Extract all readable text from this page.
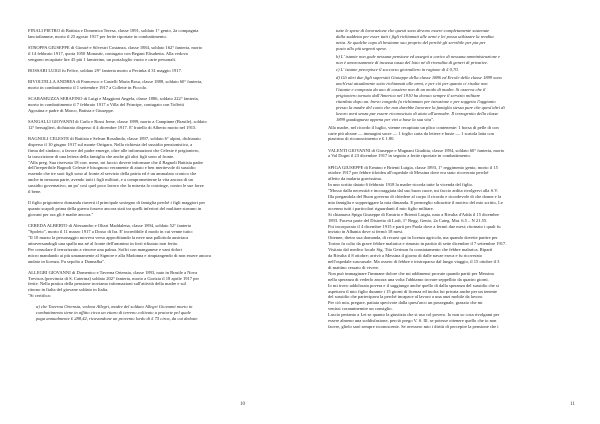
FINALI PIETRO di Battista e Domenica Teresa, classe 1891, soldato 1° genio, 2a compagnia
lanciafiamme, morto il 25 agosto 1917 per ferite riportate in combattimento.

STROPPA GIUSEPPE di Giosuè e Silvestri Costanza, classe 1884, soldato 162° fanteria, morto
il 14 febbraio 1917, quota 1050 Monastir, coniugato con Begani Elisabetta. Alla vedova
vengono recapitate lire 45 più 1 lamierino, un portafoglio vuoto e carte personali.

BOSSARI LUIGI fu Felice, soldato 29° fanteria morto a Pecinka il 31 maggio 1917.

RIVOLTELLA ANDREA di Francesco e Castelli Maria Rosa, classe 1888, soldato 60° fanteria,
morto in combattimento il 1 settembre 1917 a Collette in Piccolo.

SCARAMUZZA SERAFINO di Luigi e Maggioni Angela, classe 1886, soldato 222° fanteria,
morto in combattimento il 7 febbraio 1917 a Villa del Principe, coniugato con Toffetti
Agostina e padre di Marco, Batista e Giuseppe.

SANGALLI GIOVANNI di Carlo e Rossi Irene, classe 1899, morto a Campinne (Brasile), soldato
12° bersaglieri, dichiarato disperso il 4 dicembre 1917. E' fratello di Alberto morto nel 1915.

BAGNOLI CELESTE di Battista e Selvan Rosalinda, classe 1897, soldato 6° alpini, dichiarato
disperso il 10 giugno 1917 sul monte Ortigara. Nella richiesta del sussidio pensionistico, a
firma del sindaco, a favore del padre emerge, oltre alle informazioni che Celeste è prigioniero,
la trascrizione di una lettera della famiglia che anche gli altri figli sono al fronte.
"Alla preg. Sua riservata 18 corr. mese, mi faccio dovere informare che il Bagnoli Battista padre
dell'irreperibile Bagnoli Celeste è bisognoso veramente di aiuto e ben meritevole di sussidio
essendo che tre suoi figli sono al fronte al servizio della patria ed è un ammalato cronico che
anche in nessuna parte, avendo tutti i figli militari, e a comprometterne la vita ancora di un
sussidio governativo, un po' così quel poco lavoro che la miseria lo costringe, contro le sue forze
il bene.

Il figlio prigioniero domanda riaverti il principale sostegno di famiglia perchè i figli maggiori per
quanto scapoli prima della guerra fossero ancora stati tra quelli inferiori del mulitare stavano in
giovani per ora gli è madre ancora."

CEREDA ALBERTO di Alessandro e Oliari Maddalena, classe 1894, soldato 52° fanteria
"Spoleto", morto il 11 marzo 1917 a Dosso di Ira. E' incredibile il modo in cui venne tutto:
"Il 10 marzo la personaggio moveva verso approfittando la neve una pallottola austriaca
attraversandogli una spalla ma né al fronte dell'ammino in forti rifiutato non ferito.
Per consolare il terrorizzato a vincere una palma. Soffri con manganese e vani dolori
micro mandando ai più umanamente al Signore e alla Madonna e rimpiangendo di non essere ancora
andato in licenza. Fu sepolto a Donnalba".

ALLEGRI GIOVANNI di Domenico e Taverna Ortensia, classe 1893, nato in Brasile a Nova
Trevisos (provincia di S. Caterina) soldato 202° fanteria, morto a Gorizia il 18 aprile 1917 per
ferite. Nella pratica della pensione troviamo informazioni sull'attività della madre e sul
ritorno in Italia del giovane soldato in Italia.
"Si certifica:

a) che Taverna Ortensia, vedova Allegri, madre del soldato Allegri Giovanni morto in
combattimento tiene in affitto circa un ettaro di terreno coltivato a pratorte pel quale
paga annualmente £ 288,42, ricavandone un provento lordo di £ 75 circa, da cui dedotte

10

tutte le spese di lavorazione che questi sono devono essere completamente sostenute
dalla suddetta per esser tutti i figli richiamati alle armi e lei possa utilizzare la rendita
netta. Se qualche capo di bestiame suo proprio del perchè gli servibile per pia per
posto allo più urgenti spese.

b) L' istante non gode nessuna pensione ed assegni a carico di nessuna amministrazione e
non è amorosamente di incassa tassa del lotto né di rivendita di generi di privative.

c) L' istante percepisce il soccorso giornaliero in ragione di £ 0,70.

d) Gli altri due figli superstiti Giuseppe della classe 1886 ed Ercole della classe 1899 sono
anch'essi attualmente sotto richiamati alle armi, e per ciò per quanto ci risulta non
l'istante e composta da uno di cassiera non di un modo di madre. Si osserva che il
prigioniero tornato dall'America nel 1910 ha dovuto sempre il servizio militare
ritardato dopo un. brevo congedo fu richiamato per istruzione e per soggetto l'aggiunto
presso la madre del conto che non darebbe lavorare la famiglia stessa pure che quest'altri di
lavoro avrà senza pur essere riconosciuto di aiuto all'annodre. Il terzogenito della classe
1899 guadagnava appena per vivi a base la sua vita".

Alla madre, nel ricordo il luglio, vienne recapitato un plico contenente: 1 borsa di pelle di con
carte più alcune — immagini sacre — 1 foglio carta da lettere e buste — 1 scatola latta con
piastrino di riconoscimento e £ 1.80.

VALENTI GIOVANNI di Giuseppe e Magnani Giuditta, classe 1894, soldato 60° fanteria, morto
a Val Dogni il 23 dicembre 1917 in seguito a ferite riportate in combattimento.

SPIGA GIUSEPPE di Ermino e Brienti Luigia, classe 1893, 1° reggimento genio, morto il 15
ottobre 1917 per febbre tifoidea all'ospedale di Messina dove era stato ricoverato perché
affetto da malaria gravissima.
In uno scritto datato 6 febbraio 1918 la madre ricorda tutte la vicenda del figlio.
"Mosso dalla necessità e incoraggiata dal suo buon cuore, mi faccio ardita rivolgervi alla S.V.
Illa pregandola del Buon governo di chiedere al corpo il ricordo e ricordevole di che donne e la
mia famiglia e sopperiggare la mia dimanda. E permeglio sdicuritte il motivo del mio scritto, Le
accenno tutti i particolari riguardanti il mio figlio militare.
Si chiamava Spiga Giuseppe di Ermirio e Brienti Luigia, nato a Rivalta d'Adda il 15 dicembre
1893. Faceva parte del Distretto di Lodi, 1° Regg. Genio, 2a Categ. Mat. 6.5 – N 21.55.
Poi incorporato il 4 dicembre 1915 e parti per Paola dove a fermò due mesi; ritornato i quali fu
inviato in Albania dove si fermò 18 mesi.
Ottenne, dietro sua domanda, di recarsi qui in licenza agricola, ma quando dovette partire per
Torino fu colto da grave febbre malarica e rimasto in paritto di sette dicembre il 7 settembre 1917.
Visitato dal medico locale Sig. Tito Gerinon fu constatamento che febbre malarica. Ripartì
da Rivalta il 8 ottobre; arrivò a Messina il giorno di dalle navae eseca e fu ricoverato
nell'ospedale suscursale. Ma ossero di febbre e tristroparso dal lungo viaggio, il 15 ottobre il 3
di mattino cessato di vivere.
Non può immaginare l'immane dolore che mi addimensi provate quando partii per Messina
nella speranza di vederlo ancora una volta l'abbiamo trovare seppellito da quattro giorni.
Io mi trovo addolorata povera e il saggiungo anche quello di dalla speranza del sussidio che si
aspettava il mio figlio durante i 15 giorni di licenza ed inolra fui privata anche per un tenente
del sussidio che partecipava la perché incapace al lavoro a una anzi mobile da lavoro.
Per ciò mia, pregare, pattata specivote dalla quest'arco un possegnale, grazzio che mi
venissi coranninemire un consiglio.
Lascio pertanto a Lei se quanto la giustizia che si usa col povero. Io non so cosa rivolgami per
essere almeno una soddisfazione, perciò prego V. S. Ill. se potesse ottenere quello che io non
facere, glielo sarò sempre riconoscente. Se avessero mio i diritti di percepire la pensione che i

11
